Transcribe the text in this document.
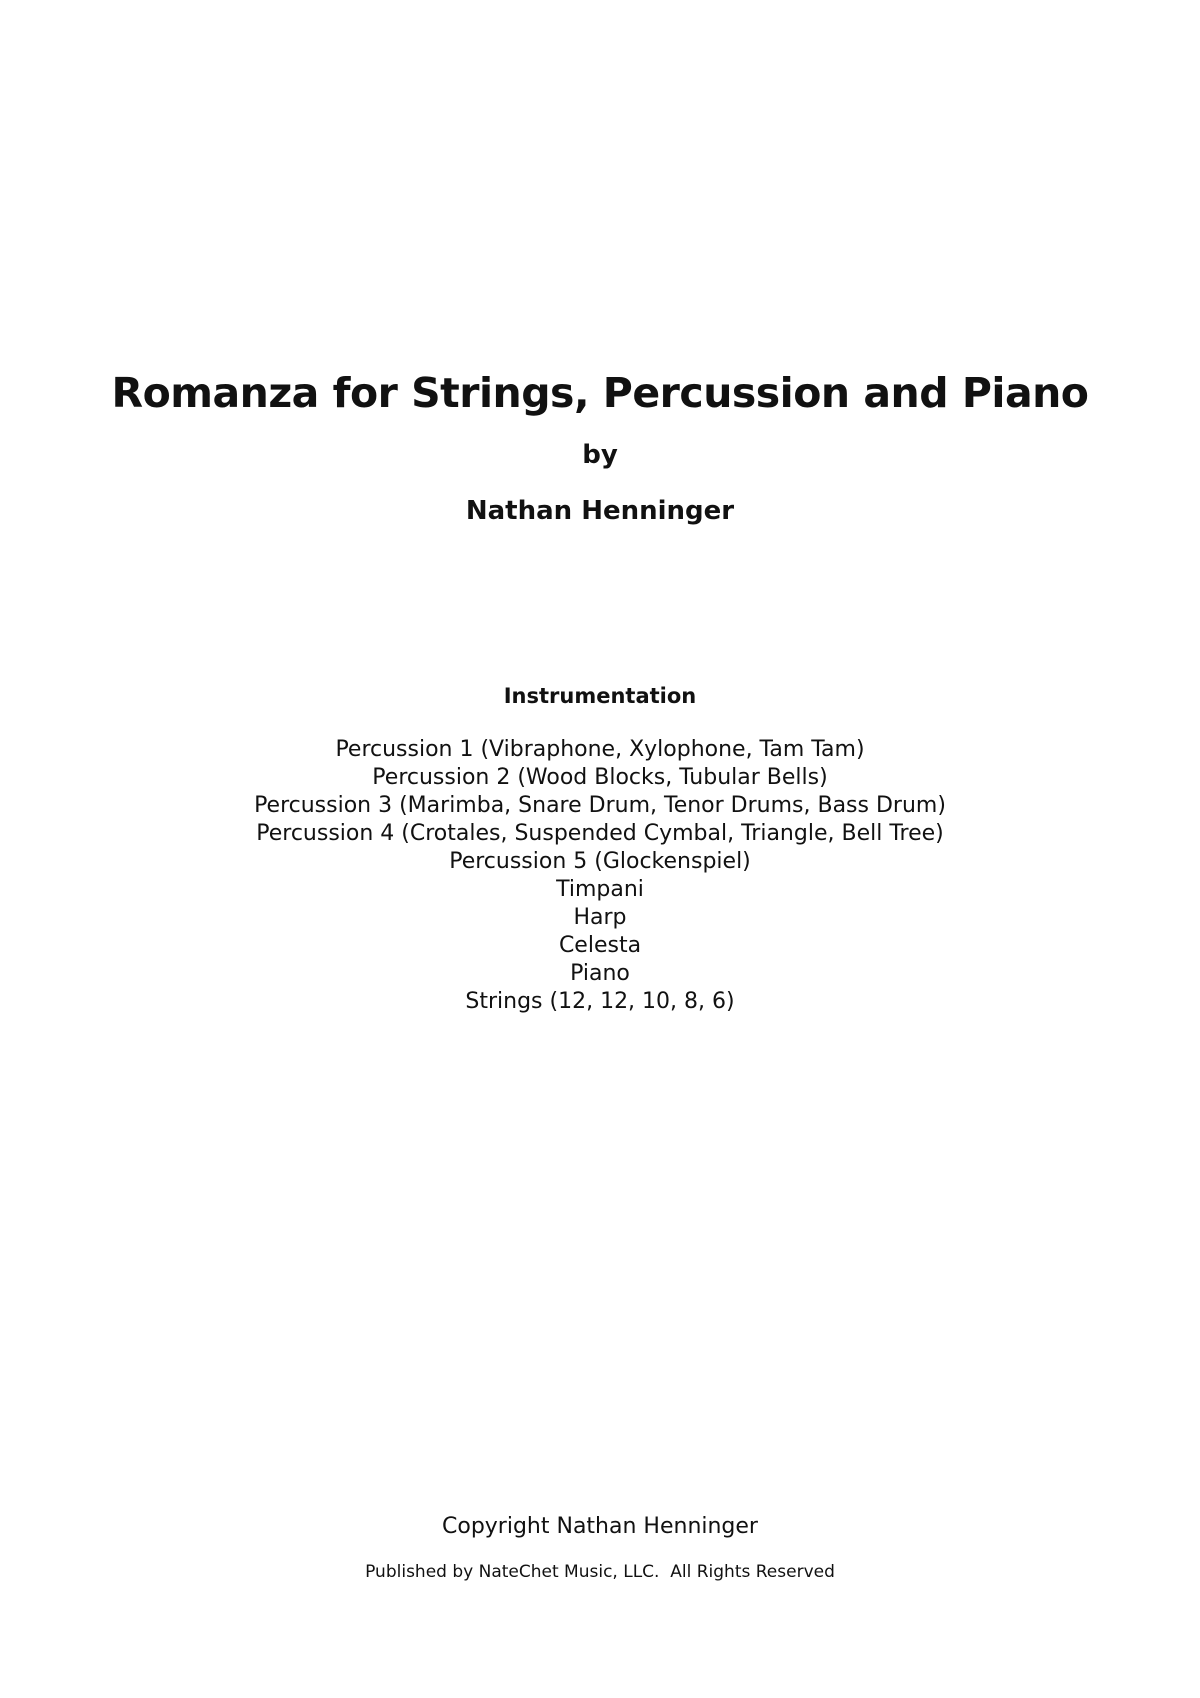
Romanza for Strings, Percussion and Piano
by
Nathan Henninger
Instrumentation
Percussion 1 (Vibraphone, Xylophone, Tam Tam)
Percussion 2 (Wood Blocks, Tubular Bells)
Percussion 3 (Marimba, Snare Drum, Tenor Drums, Bass Drum)
Percussion 4 (Crotales, Suspended Cymbal, Triangle, Bell Tree)
Percussion 5 (Glockenspiel)
Timpani
Harp
Celesta
Piano
Strings (12, 12, 10, 8, 6)
Copyright Nathan Henninger
Published by NateChet Music, LLC.  All Rights Reserved
